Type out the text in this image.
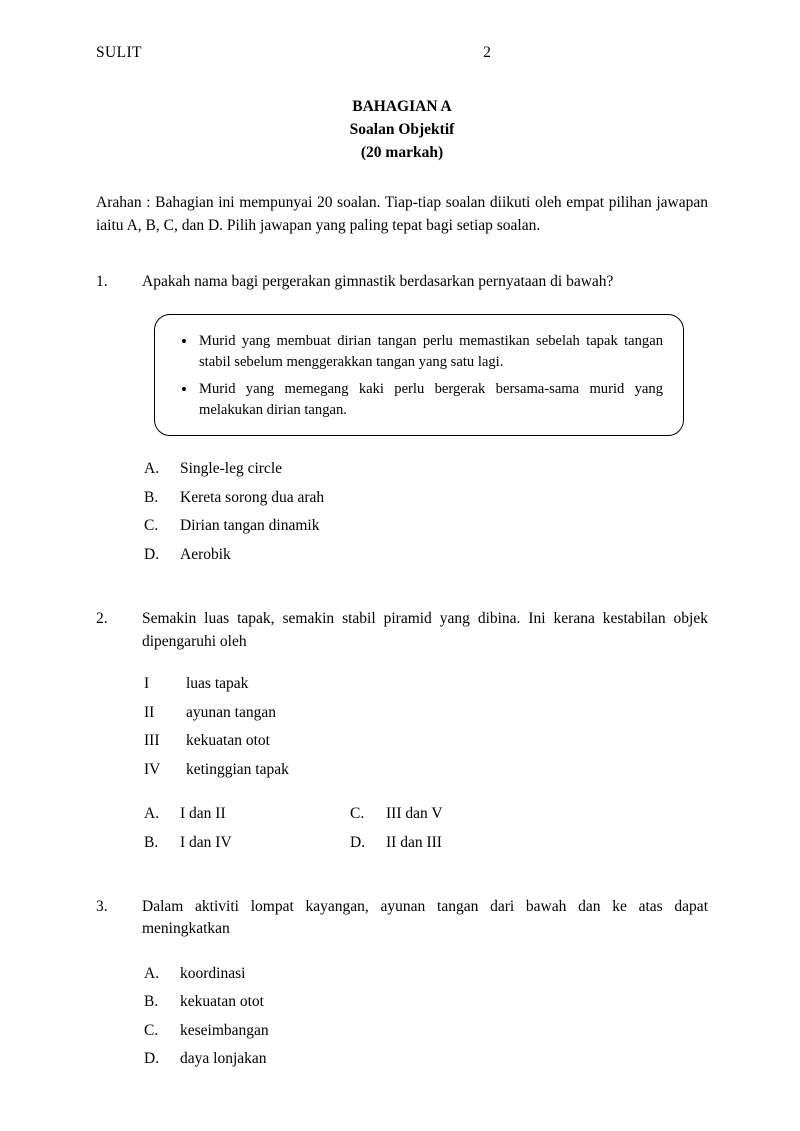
SULIT	2
BAHAGIAN A
Soalan Objektif
(20 markah)
Arahan : Bahagian ini mempunyai 20 soalan. Tiap-tiap soalan diikuti oleh empat pilihan jawapan iaitu A, B, C, dan D. Pilih jawapan yang paling tepat bagi setiap soalan.
1.	Apakah nama bagi pergerakan gimnastik berdasarkan pernyataan di bawah?
• Murid yang membuat dirian tangan perlu memastikan sebelah tapak tangan stabil sebelum menggerakkan tangan yang satu lagi.
• Murid yang memegang kaki perlu bergerak bersama-sama murid yang melakukan dirian tangan.
A.	Single-leg circle
B.	Kereta sorong dua arah
C.	Dirian tangan dinamik
D.	Aerobik
2.	Semakin luas tapak, semakin stabil piramid yang dibina. Ini kerana kestabilan objek dipengaruhi oleh
I	luas tapak
II	ayunan tangan
III	kekuatan otot
IV	ketinggian tapak
A.	I dan II	C.	III dan V
B.	I dan IV	D.	II dan III
3.	Dalam aktiviti lompat kayangan, ayunan tangan dari bawah dan ke atas dapat meningkatkan
A.	koordinasi
B.	kekuatan otot
C.	keseimbangan
D.	daya lonjakan
